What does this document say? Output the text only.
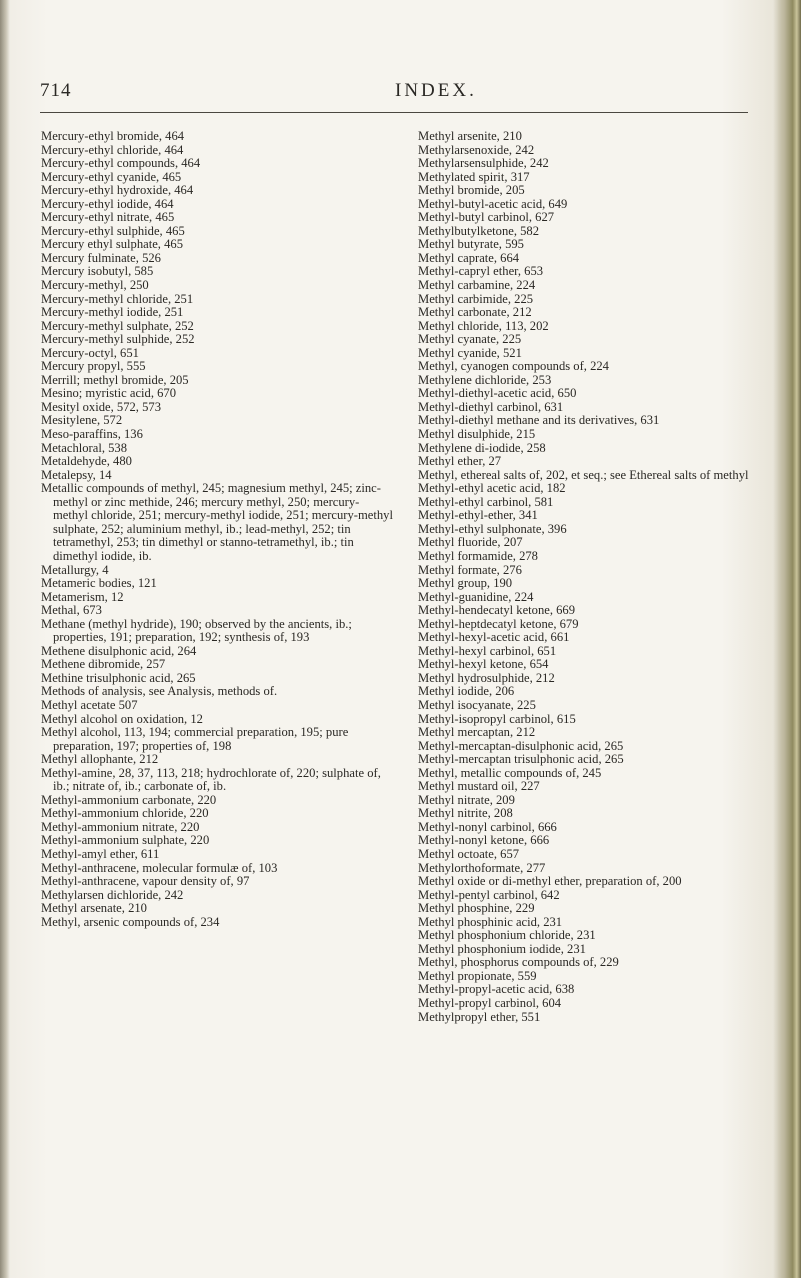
714	INDEX.
Mercury-ethyl bromide, 464
Mercury-ethyl chloride, 464
Mercury-ethyl compounds, 464
Mercury-ethyl cyanide, 465
Mercury-ethyl hydroxide, 464
Mercury-ethyl iodide, 464
Mercury-ethyl nitrate, 465
Mercury-ethyl sulphide, 465
Mercury ethyl sulphate, 465
Mercury fulminate, 526
Mercury isobutyl, 585
Mercury-methyl, 250
Mercury-methyl chloride, 251
Mercury-methyl iodide, 251
Mercury-methyl sulphate, 252
Mercury-methyl sulphide, 252
Mercury-octyl, 651
Mercury propyl, 555
Merrill; methyl bromide, 205
Mesino; myristic acid, 670
Mesityl oxide, 572, 573
Mesitylene, 572
Meso-paraffins, 136
Metachloral, 538
Metaldehyde, 480
Metalepsy, 14
Metallic compounds of methyl, 245; magnesium methyl, 245; zinc-methyl or zinc methide, 246; mercury methyl, 250; mercury-methyl chloride, 251; mercury-methyl iodide, 251; mercury-methyl sulphate, 252; aluminium methyl, ib.; lead-methyl, 252; tin tetramethyl, 253; tin dimethyl or stanno-tetramethyl, ib.; tin dimethyl iodide, ib.
Metallurgy, 4
Metameric bodies, 121
Metamerism, 12
Methal, 673
Methane (methyl hydride), 190; observed by the ancients, ib.; properties, 191; preparation, 192; synthesis of, 193
Methene disulphonic acid, 264
Methene dibromide, 257
Methine trisulphonic acid, 265
Methods of analysis, see Analysis, methods of.
Methyl acetate 507
Methyl alcohol on oxidation, 12
Methyl alcohol, 113, 194; commercial preparation, 195; pure preparation, 197; properties of, 198
Methyl allophante, 212
Methyl-amine, 28, 37, 113, 218; hydrochlorate of, 220; sulphate of, ib.; nitrate of, ib.; carbonate of, ib.
Methyl-ammonium carbonate, 220
Methyl-ammonium chloride, 220
Methyl-ammonium nitrate, 220
Methyl-ammonium sulphate, 220
Methyl-amyl ether, 611
Methyl-anthracene, molecular formulæ of, 103
Methyl-anthracene, vapour density of, 97
Methylarsen dichloride, 242
Methyl arsenate, 210
Methyl, arsenic compounds of, 234
Methyl arsenite, 210
Methylarsenoxide, 242
Methylarsensulphide, 242
Methylated spirit, 317
Methyl bromide, 205
Methyl-butyl-acetic acid, 649
Methyl-butyl carbinol, 627
Methylbutylketone, 582
Methyl butyrate, 595
Methyl caprate, 664
Methyl-capryl ether, 653
Methyl carbamine, 224
Methyl carbimide, 225
Methyl carbonate, 212
Methyl chloride, 113, 202
Methyl cyanate, 225
Methyl cyanide, 521
Methyl, cyanogen compounds of, 224
Methylene dichloride, 253
Methyl-diethyl-acetic acid, 650
Methyl-diethyl carbinol, 631
Methyl-diethyl methane and its derivatives, 631
Methyl disulphide, 215
Methylene di-iodide, 258
Methyl ether, 27
Methyl, ethereal salts of, 202, et seq.; see Ethereal salts of methyl
Methyl-ethyl acetic acid, 182
Methyl-ethyl carbinol, 581
Methyl-ethyl-ether, 341
Methyl-ethyl sulphonate, 396
Methyl fluoride, 207
Methyl formamide, 278
Methyl formate, 276
Methyl group, 190
Methyl-guanidine, 224
Methyl-hendecatyl ketone, 669
Methyl-heptdecatyl ketone, 679
Methyl-hexyl-acetic acid, 661
Methyl-hexyl carbinol, 651
Methyl-hexyl ketone, 654
Methyl hydrosulphide, 212
Methyl iodide, 206
Methyl isocyanate, 225
Methyl-isopropyl carbinol, 615
Methyl mercaptan, 212
Methyl-mercaptan-disulphonic acid, 265
Methyl-mercaptan trisulphonic acid, 265
Methyl, metallic compounds of, 245
Methyl mustard oil, 227
Methyl nitrate, 209
Methyl nitrite, 208
Methyl-nonyl carbinol, 666
Methyl-nonyl ketone, 666
Methyl octoate, 657
Methylorthoformate, 277
Methyl oxide or di-methyl ether, preparation of, 200
Methyl-pentyl carbinol, 642
Methyl phosphine, 229
Methyl phosphinic acid, 231
Methyl phosphonium chloride, 231
Methyl phosphonium iodide, 231
Methyl, phosphorus compounds of, 229
Methyl propionate, 559
Methyl-propyl-acetic acid, 638
Methyl-propyl carbinol, 604
Methylpropyl ether, 551
